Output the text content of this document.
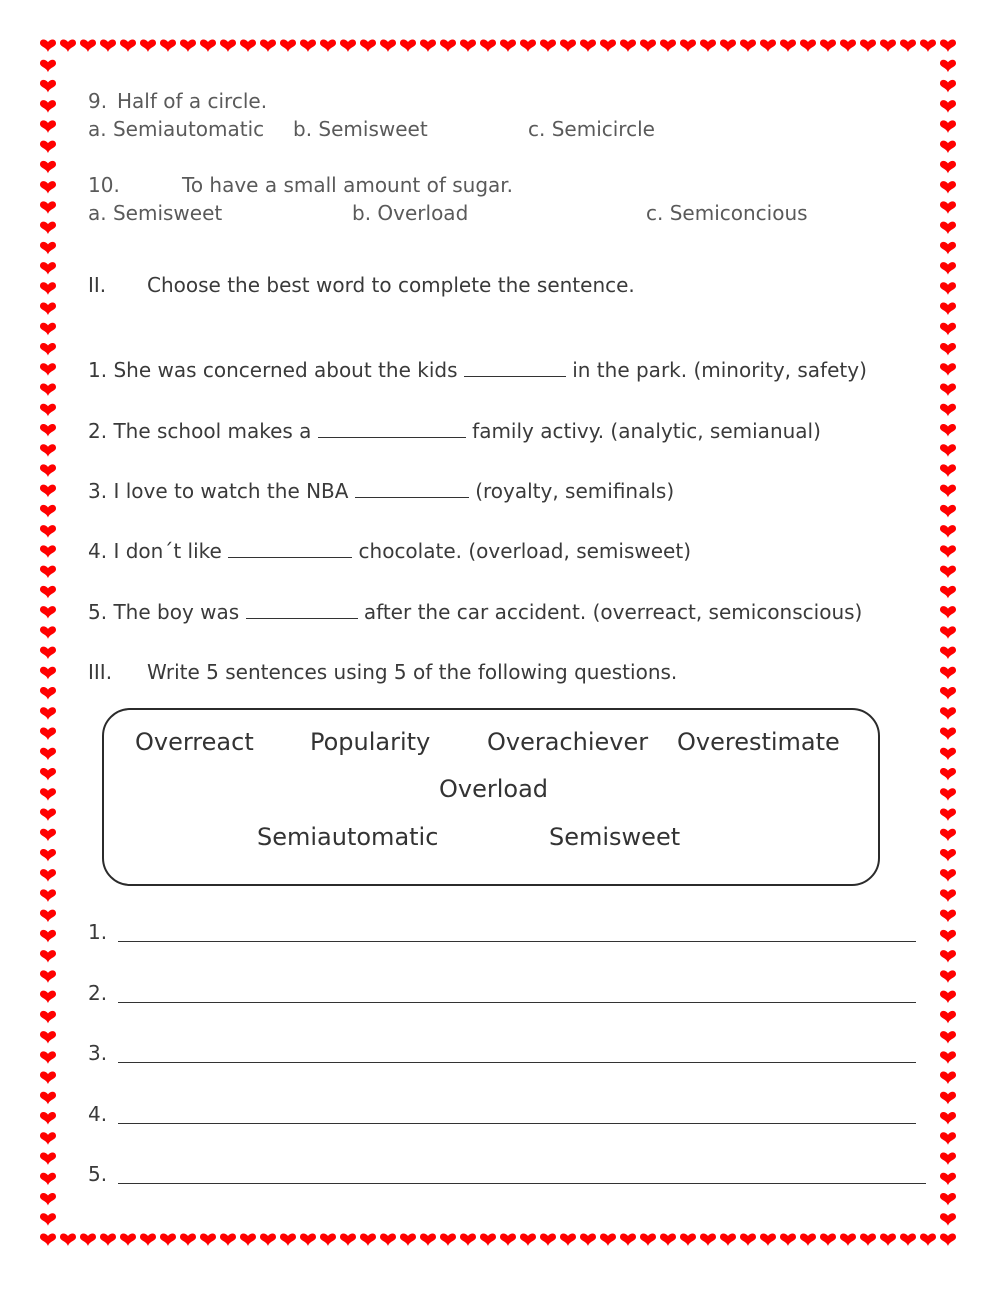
9. Half of a circle.
a. Semiautomatic b. Semisweet	c. Semicircle
10.	To have a small amount of sugar.
a. Semisweet	b. Overload	c. Semiconcious
II. Choose the best word to complete the sentence.
1. She was concerned about the kids	in the park. (minority, safety)
2. The school makes a	family activy. (analytic, semianual)
3. I love to watch the NBA	(royalty, semifinals)
4. I don´t like	chocolate. (overload, semisweet)
5. The boy was	after the car accident. (overreact, semiconscious)
III. Write 5 sentences using 5 of the following questions.
Overreact Popularity Overachiever Overestimate
Overload
Semiautomatic	Semisweet
1.
2.
3.
4.
5.
